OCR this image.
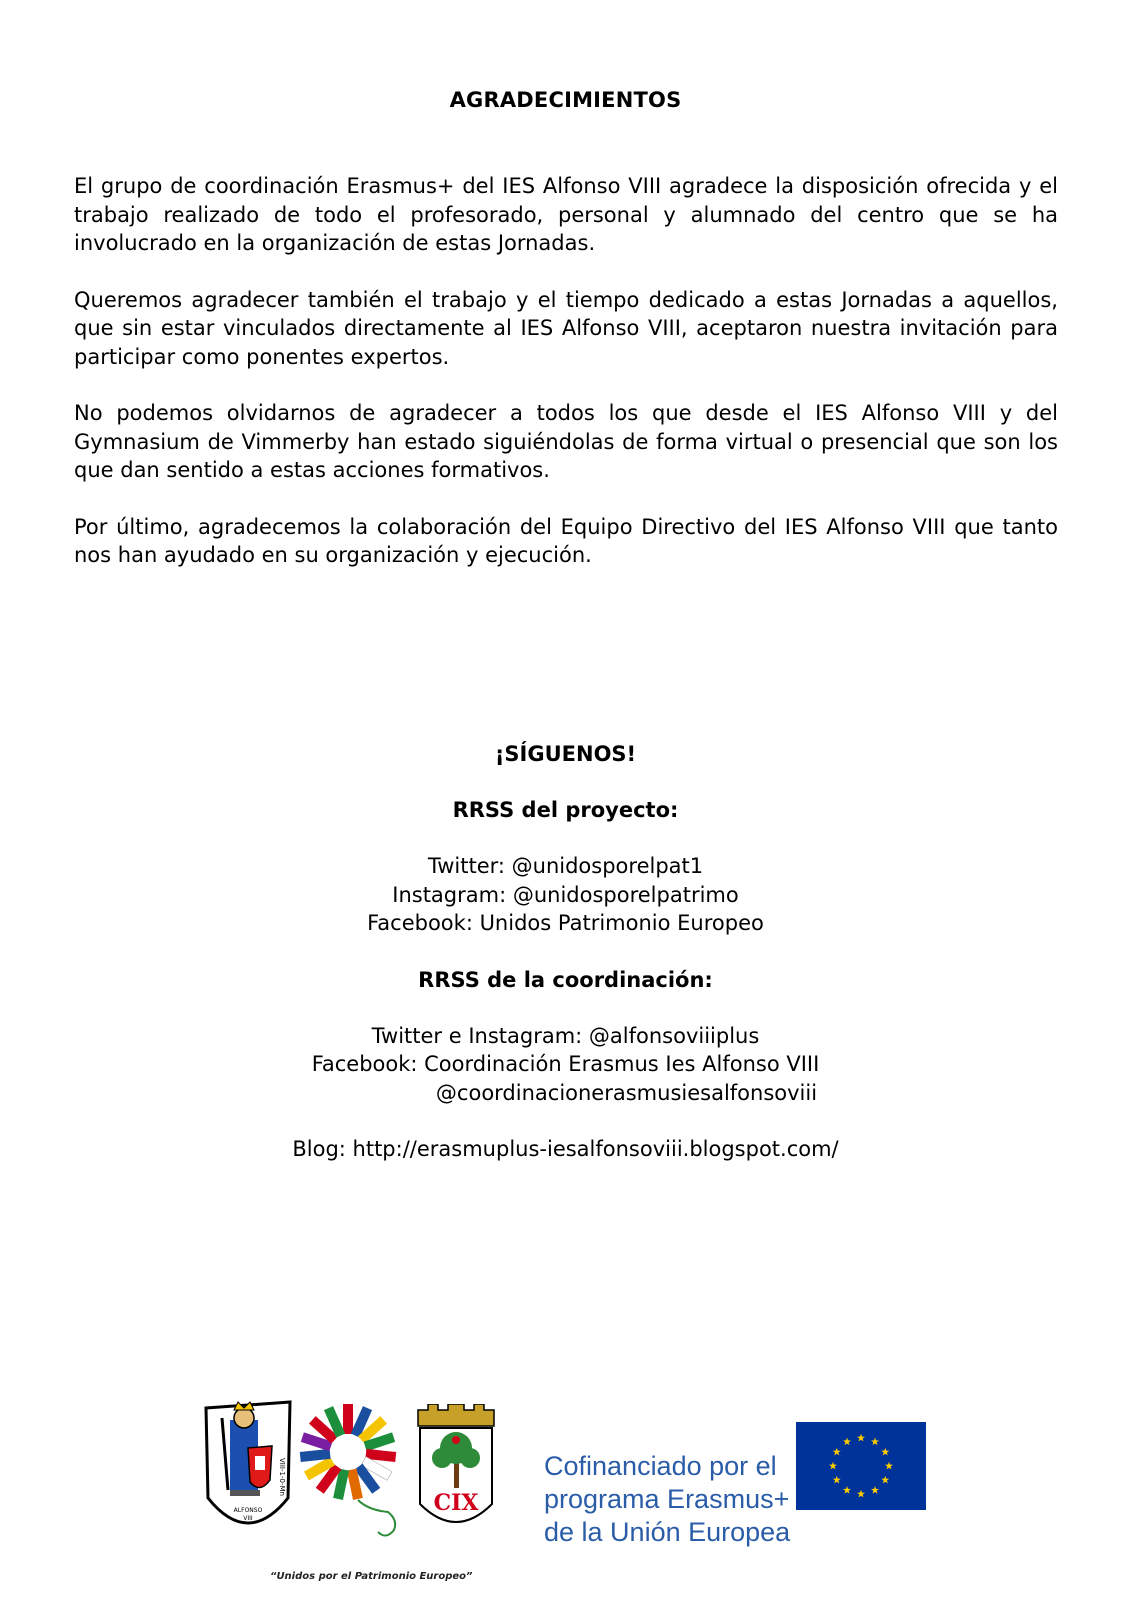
AGRADECIMIENTOS

El grupo de coordinación Erasmus+ del IES Alfonso VIII agradece la disposición ofrecida y el trabajo realizado de todo el profesorado, personal y alumnado del centro que se ha involucrado en la organización de estas Jornadas.

Queremos agradecer también el trabajo y el tiempo dedicado a estas Jornadas a aquellos, que sin estar vinculados directamente al IES Alfonso VIII, aceptaron nuestra invitación para participar como ponentes expertos.

No podemos olvidarnos de agradecer a todos los que desde el IES Alfonso VIII y del Gymnasium de Vimmerby han estado siguiéndolas de forma virtual o presencial que son los que dan sentido a estas acciones formativos.

Por último, agradecemos la colaboración del Equipo Directivo del IES Alfonso VIII que tanto nos han ayudado en su organización y ejecución.

¡SÍGUENOS!

RRSS del proyecto:

Twitter: @unidosporelpat1

Instagram: @unidosporelpatrimo

Facebook: Unidos Patrimonio Europeo

RRSS de la coordinación:

Twitter e Instagram: @alfonsoviiiplus

Facebook: Coordinación Erasmus Ies Alfonso VIII

@coordinacionerasmusiesalfonsoviii

Blog: http://erasmuplus-iesalfonsoviii.blogspot.com/

ALFONSO
VIII
VIII-1-0-Mn
CIX
“Unidos por el Patrimonio Europeo”
Cofinanciado por el
programa Erasmus+
de la Unión Europea
